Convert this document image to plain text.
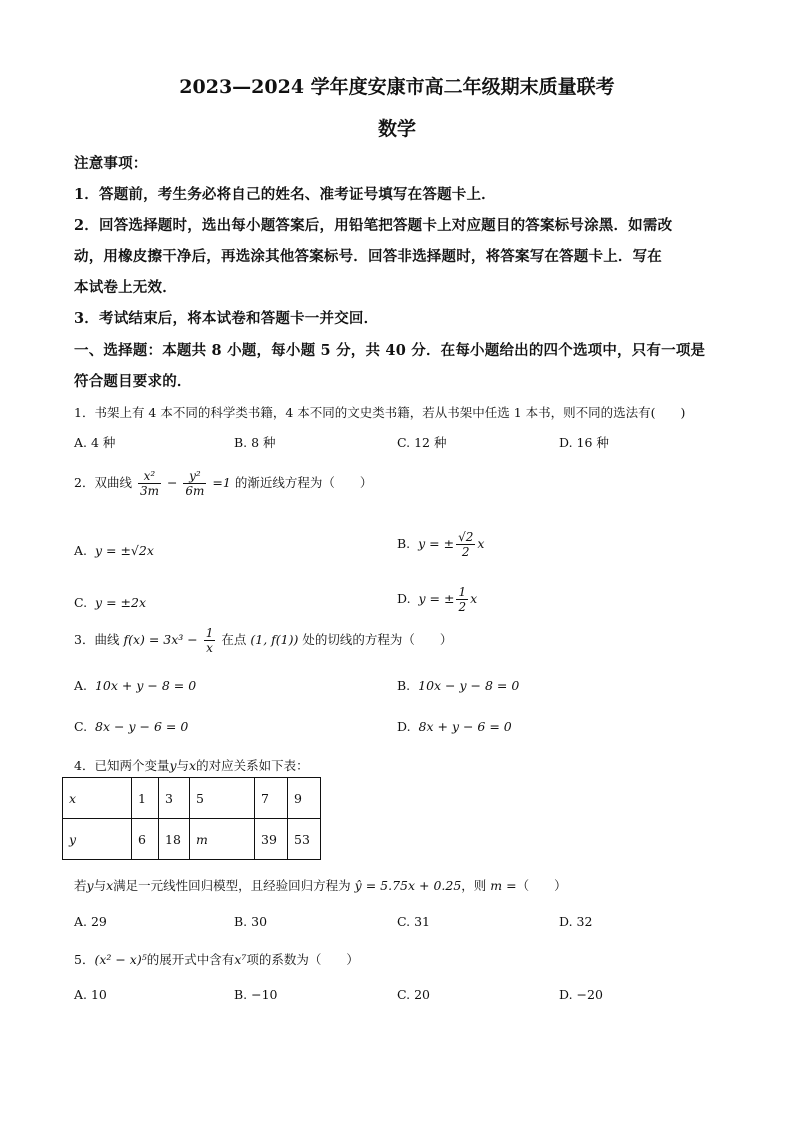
2023—2024 学年度安康市高二年级期末质量联考
数学
注意事项：
1．答题前，考生务必将自己的姓名、准考证号填写在答题卡上．
2．回答选择题时，选出每小题答案后，用铅笔把答题卡上对应题目的答案标号涂黑．如需改
动，用橡皮擦干净后，再选涂其他答案标号．回答非选择题时，将答案写在答题卡上．写在
本试卷上无效．
3．考试结束后，将本试卷和答题卡一并交回．
一、选择题：本题共 8 小题，每小题 5 分，共 40 分．在每小题给出的四个选项中，只有一项是
符合题目要求的．
1．书架上有 4 本不同的科学类书籍，4 本不同的文史类书籍，若从书架中任选 1 本书，则不同的选法有(　　)
A. 4 种	B. 8 种	C. 12 种	D. 16 种
2．双曲线 $\frac{\text{x²}}{3m} - \frac{\text{y²}}{6m} =1$ 的渐近线方程为（　　）
A. y = ±√2x	B. y = ± $\frac{√2}{2}$ x
C. y = ±2x	D. y = ± $\frac{1}{2}$ x
3．曲线 $f(x) = 3x^3 - \frac{1}{x}$ 在点 (1, f(1)) 处的切线的方程为（　　）
A. 10x + y − 8 = 0	B. 10x − y − 8 = 0
C. 8x − y − 6 = 0	D. 8x + y − 6 = 0
4．已知两个变量y与x的对应关系如下表：
x	1	3	5	7	9
y	6	18	m	39	53
若y与x满足一元线性回归模型，且经验回归方程为 ŷ = 5.75x + 0.25，则 m =（　　）
A. 29	B. 30	C. 31	D. 32
5．(x² − x)⁵的展开式中含有x⁷项的系数为（　　）
A. 10	B. −10	C. 20	D. −20
